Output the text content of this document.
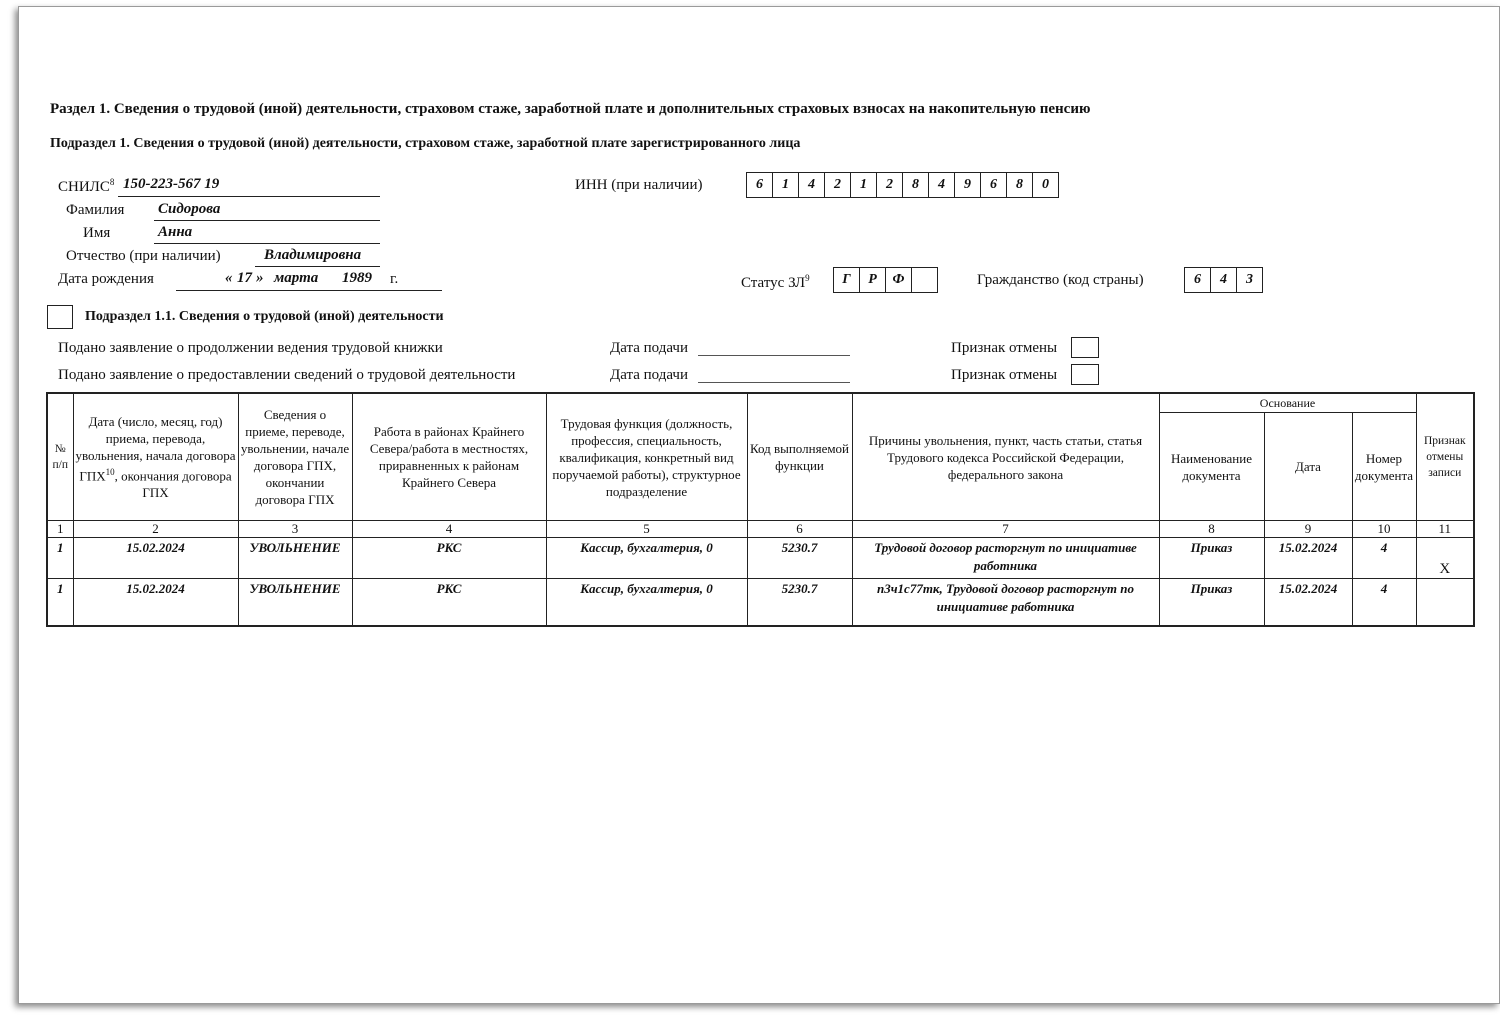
Раздел 1. Сведения о трудовой (иной) деятельности, страховом стаже, заработной плате и дополнительных страховых взносах на накопительную пенсию
Подраздел 1. Сведения о трудовой (иной) деятельности, страховом стаже, заработной плате зарегистрированного лица
СНИЛС$^8$ 150-223-567 19
Фамилия Сидорова
Имя	Анна
Отчество (при наличии)	Владимировна
Дата рождения	« 17 » марта 1989 г.
ИНН (при наличии)	6	1	4	2	1	2	8	4	9	6	8	0
Статус $ЗЛ^9$	Г	Р	Ф	Гражданство (код страны)	6	4	3
Подраздел 1.1. Сведения о трудовой (иной) деятельности
Подано заявление о продолжении ведения трудовой книжки	Дата подачи	Признак отмены
Подано заявление о предоставлении сведений о трудовой деятельности	Дата подачи	Признак отмены
№ п/п	Дата (число, месяц, год) приема, перевода, увольнения, начала договора ГПХ$^{10}$, окончания договора ГПХ	Сведения о приеме, переводе, увольнении, начале договора ГПХ, окончании договора ГПХ	Работа в районах Крайнего Севера/работа в местностях, приравненных к районам Крайнего Севера	Трудовая функция (должность, профессия, специальность, квалификация, конкретный вид поручаемой работы), структурное подразделение	Код выполняемой функции	Причины увольнения, пункт, часть статьи, статья Трудового кодекса Российской Федерации, федерального закона	Основание			Признак отмены записи
							Наименование документа	Дата	Номер документа	
1	2	3	4	5	6	7	8	9	10	11
1	15.02.2024	УВОЛЬНЕНИЕ	РКС	Кассир, бухгалтерия, 0	5230.7	Трудовой договор расторгнут по инициативе работника	Приказ	15.02.2024	4	X
1	15.02.2024	УВОЛЬНЕНИЕ	РКС	Кассир, бухгалтерия, 0	5230.7	п3ч1с77тк, Трудовой договор расторгнут по инициативе работника	Приказ	15.02.2024	4	
